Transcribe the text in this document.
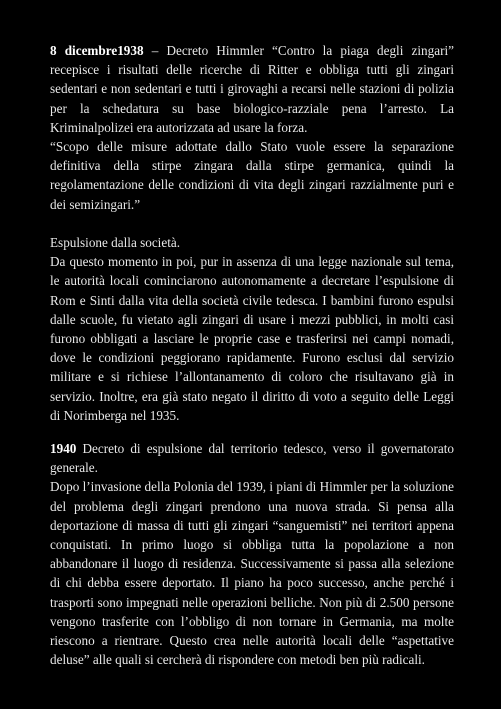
8 dicembre1938 – Decreto Himmler “Contro la piaga degli zingari” recepisce i risultati delle ricerche di Ritter e obbliga tutti gli zingari sedentari e non sedentari e tutti i girovaghi a recarsi nelle stazioni di polizia per la schedatura su base biologico-razziale pena l’arresto. La Kriminalpolizei era autorizzata ad usare la forza.

“Scopo delle misure adottate dallo Stato vuole essere la separazione definitiva della stirpe zingara dalla stirpe germanica, quindi la regolamentazione delle condizioni di vita degli zingari razzialmente puri e dei semizingari.”

Espulsione dalla società.

Da questo momento in poi, pur in assenza di una legge nazionale sul tema, le autorità locali cominciarono autonomamente a decretare l’espulsione di Rom e Sinti dalla vita della società civile tedesca. I bambini furono espulsi dalle scuole, fu vietato agli zingari di usare i mezzi pubblici, in molti casi furono obbligati a lasciare le proprie case e trasferirsi nei campi nomadi, dove le condizioni peggiorano rapidamente. Furono esclusi dal servizio militare e si richiese l’allontanamento di coloro che risultavano già in servizio. Inoltre, era già stato negato il diritto di voto a seguito delle Leggi di Norimberga nel 1935.

1940 Decreto di espulsione dal territorio tedesco, verso il governatorato generale.

Dopo l’invasione della Polonia del 1939, i piani di Himmler per la soluzione del problema degli zingari prendono una nuova strada. Si pensa alla deportazione di massa di tutti gli zingari “sanguemisti” nei territori appena conquistati. In primo luogo si obbliga tutta la popolazione a non abbandonare il luogo di residenza. Successivamente si passa alla selezione di chi debba essere deportato. Il piano ha poco successo, anche perché i trasporti sono impegnati nelle operazioni belliche. Non più di 2.500 persone vengono trasferite con l’obbligo di non tornare in Germania, ma molte riescono a rientrare. Questo crea nelle autorità locali delle “aspettative deluse” alle quali si cercherà di rispondere con metodi ben più radicali.
